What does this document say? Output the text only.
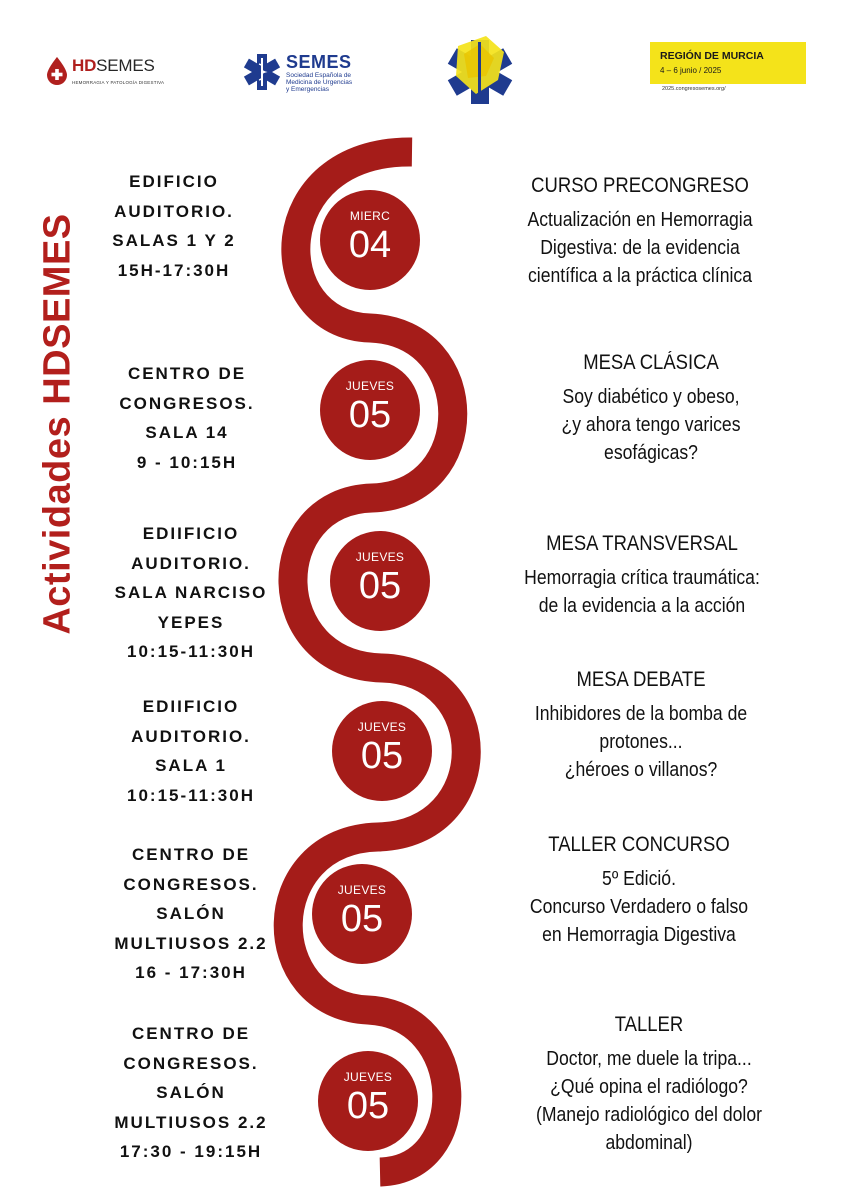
HDSEMES
HEMORRAGIA Y PATOLOGÍA DIGESTIVA
SEMES
Sociedad Española de
Medicina de Urgencias
y Emergencias
REGIÓN DE MURCIA
4 – 6 junio / 2025
2025.congresosemes.org/
Actividades HDSEMES	MIERC
04
JUEVES
05
JUEVES
05
JUEVES
05
JUEVES
05
JUEVES
05
EDIFICIO
AUDITORIO.
SALAS 1 Y 2
15H-17:30H
CENTRO DE
CONGRESOS.
SALA 14
9 - 10:15H
EDIIFICIO
AUDITORIO.
SALA NARCISO
YEPES
10:15-11:30H
EDIIFICIO
AUDITORIO.
SALA 1
10:15-11:30H
CENTRO DE
CONGRESOS.
SALÓN
MULTIUSOS 2.2
16 - 17:30H
CENTRO DE
CONGRESOS.
SALÓN
MULTIUSOS 2.2
17:30 - 19:15H
CURSO PRECONGRESO
Actualización en Hemorragia
Digestiva: de la evidencia
científica a la práctica clínica
MESA CLÁSICA
Soy diabético y obeso,
¿y ahora tengo varices
esofágicas?
MESA TRANSVERSAL
Hemorragia crítica traumática:
de la evidencia a la acción
MESA DEBATE
Inhibidores de la bomba de
protones...
¿héroes o villanos?
TALLER CONCURSO
5º Edició.
Concurso Verdadero o falso
en Hemorragia Digestiva
TALLER
Doctor, me duele la tripa...
¿Qué opina el radiólogo?
(Manejo radiológico del dolor
abdominal)
